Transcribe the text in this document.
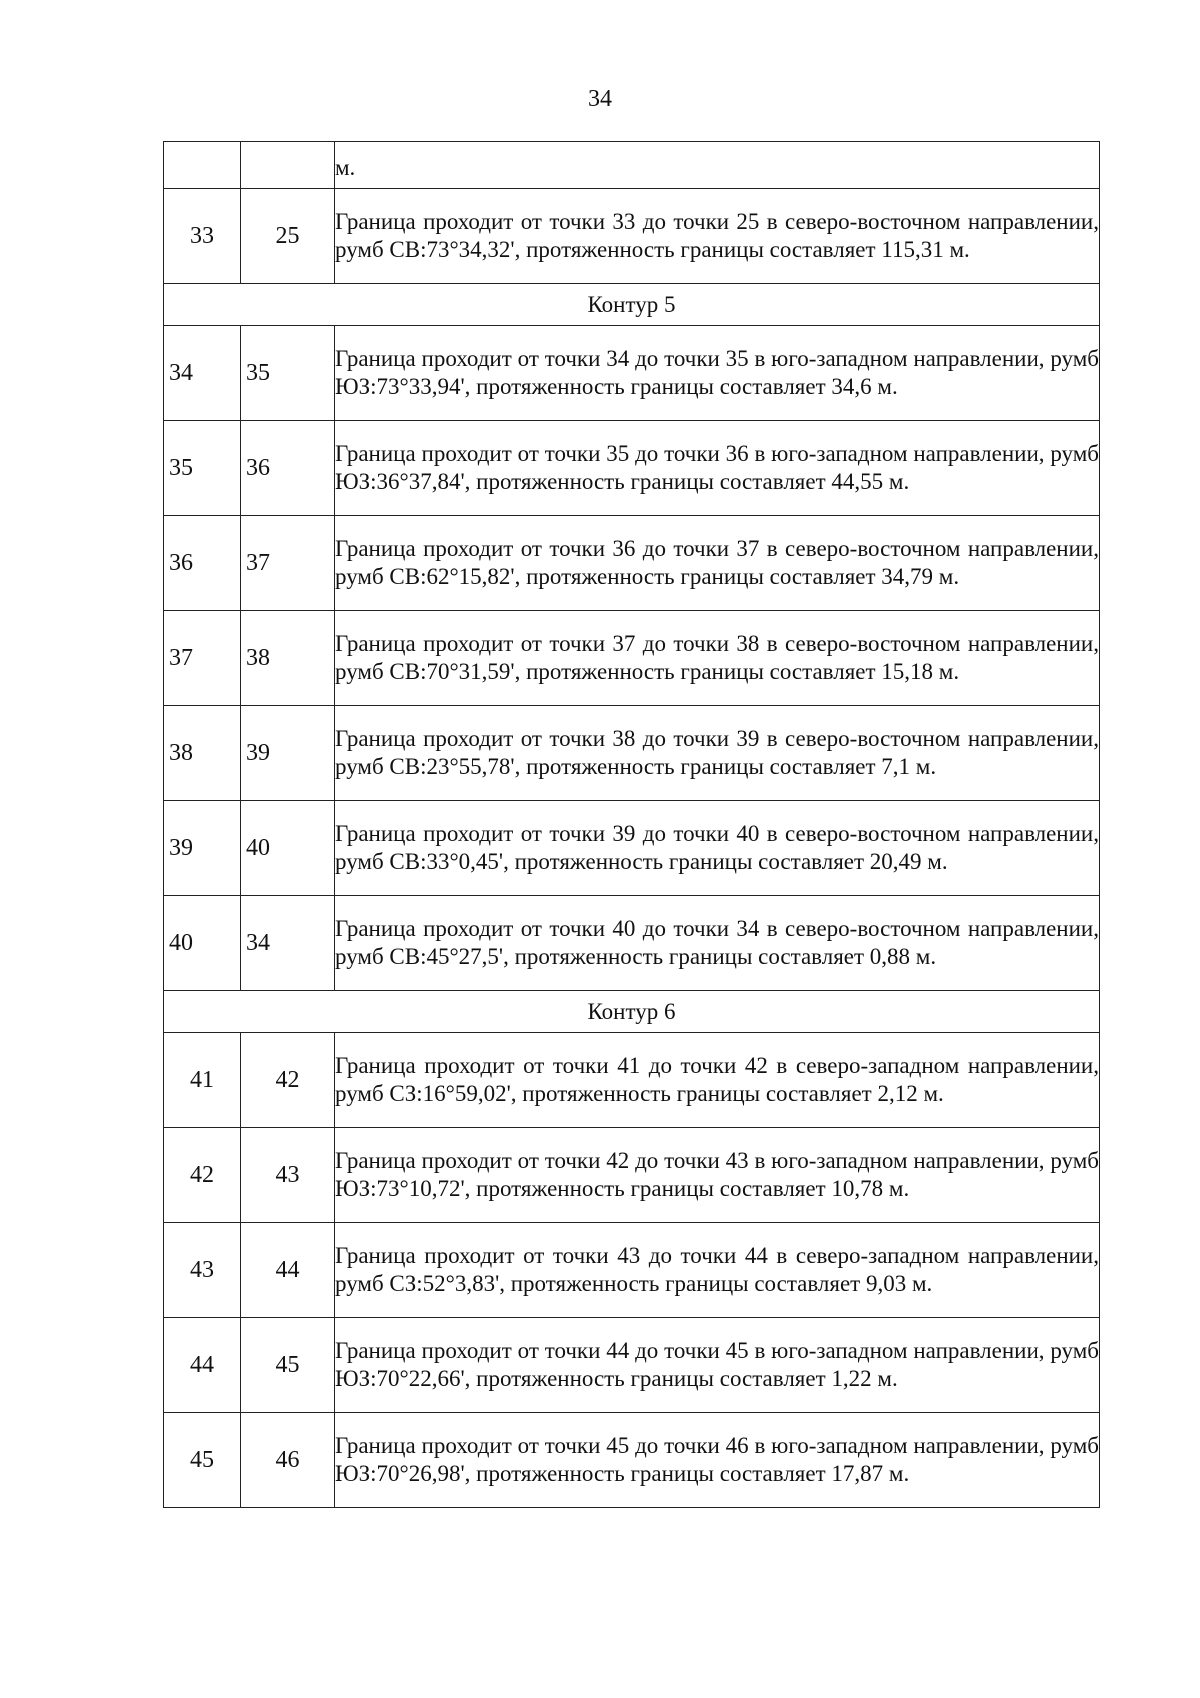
34
		м.
33	25	Граница проходит от точки 33 до точки 25 в северо-восточном направлении, румб СВ:73°34,32', протяженность границы составляет 115,31 м.
Контур 5		
34	35	Граница проходит от точки 34 до точки 35 в юго-западном направлении, румб ЮЗ:73°33,94', протяженность границы составляет 34,6 м.
35	36	Граница проходит от точки 35 до точки 36 в юго-западном направлении, румб ЮЗ:36°37,84', протяженность границы составляет 44,55 м.
36	37	Граница проходит от точки 36 до точки 37 в северо-восточном направлении, румб СВ:62°15,82', протяженность границы составляет 34,79 м.
37	38	Граница проходит от точки 37 до точки 38 в северо-восточном направлении, румб СВ:70°31,59', протяженность границы составляет 15,18 м.
38	39	Граница проходит от точки 38 до точки 39 в северо-восточном направлении, румб СВ:23°55,78', протяженность границы составляет 7,1 м.
39	40	Граница проходит от точки 39 до точки 40 в северо-восточном направлении, румб СВ:33°0,45', протяженность границы составляет 20,49 м.
40	34	Граница проходит от точки 40 до точки 34 в северо-восточном направлении, румб СВ:45°27,5', протяженность границы составляет 0,88 м.
Контур 6		
41	42	Граница проходит от точки 41 до точки 42 в северо-западном направлении, румб СЗ:16°59,02', протяженность границы составляет 2,12 м.
42	43	Граница проходит от точки 42 до точки 43 в юго-западном направлении, румб ЮЗ:73°10,72', протяженность границы составляет 10,78 м.
43	44	Граница проходит от точки 43 до точки 44 в северо-западном направлении, румб СЗ:52°3,83', протяженность границы составляет 9,03 м.
44	45	Граница проходит от точки 44 до точки 45 в юго-западном направлении, румб ЮЗ:70°22,66', протяженность границы составляет 1,22 м.
45	46	Граница проходит от точки 45 до точки 46 в юго-западном направлении, румб ЮЗ:70°26,98', протяженность границы составляет 17,87 м.
